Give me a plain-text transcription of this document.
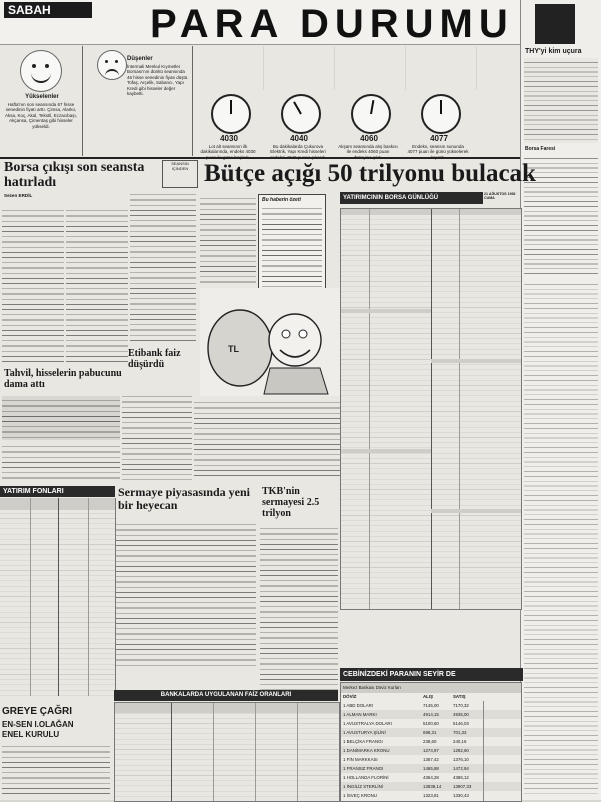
SABAH	PARA DURUMU
THY'yi kim uçura
Borsa Faresi
Yükselenler
Hafta'nın son seansında 67 hisse senedinin fiyatı arttı. Çimsa, Alarko, Aksa, Koç, Akal, Tekstil, Eczacıbaşı, Akçansa, Çimentaş gibi hisseler yükseldi.
Düşenler
İntermali Menkul Kıymetler Borsası'nın dünkü seansında 46 hisse senedinin fiyatı düştü. Tofaş, Arçelik, Sabancı, Yapı Kredi gibi hisseler değer kaybetti.
4030
Lot alt seansının ilk dakikalarında, endeks 4030
4040
Bu dakikalarda Çukurova Elektrik, Yapı Kredi hisseleri
4060
Akşam seansında alış baskısı ile endeks 4060 puan
4077
Endeks, seansın sonunda 4077 puan ile günü yükselerek
Borsa çıkışı son seansta hatırladı
Sezen ERDİL
SEANSIN İÇİNDEN Bütçe açığı 50 trilyonu bulacak
Bu haberin özeti
TL
YATIRIMCININ BORSA GÜNLÜĞÜ
21 AĞUSTOS 1992 CUMA
Tahvil, hisselerin pabucunu dama attı
Etibank faiz düşürdü
YATIRIM FONLARI	Sermaye piyasasında yeni bir heyecan
TKB'nin sermayesi 2.5 trilyon
BANKALARDA UYGULANAN FAİZ ORANLARI
GREYE ÇAĞRI
EN-SEN I.OLAĞAN
ENEL KURULU
CEBİNİZDEKİ PARANIN SEYİR DE
Merkez Bankası Döviz Kurları
DÖVİZ	ALIŞ	SATIŞ
1 ABD DOLARI	7145,00	7170,32
1 ALMAN MARKI	4914,15	4935,00
1 AVUSTRALYA DOLARI	5100,60	5146,03
1 AVUSTURYA ŞİLİNİ	698,31	701,33
1 BELÇİKA FRANGI	238,60	240,16
1 DANİMARKA KRONU	1274,97	1282,60
1 FİN MARKKASI	1367,42	1376,10
1 FRANSIZ FRANGI	1465,88	1472,94
1 HOLLANDA FLORİNİ	4364,28	4386,12
1 İNGİLİZ STERLİNİ	13838,14	13907,33
1 İSVEÇ KRONU	1323,81	1330,43
